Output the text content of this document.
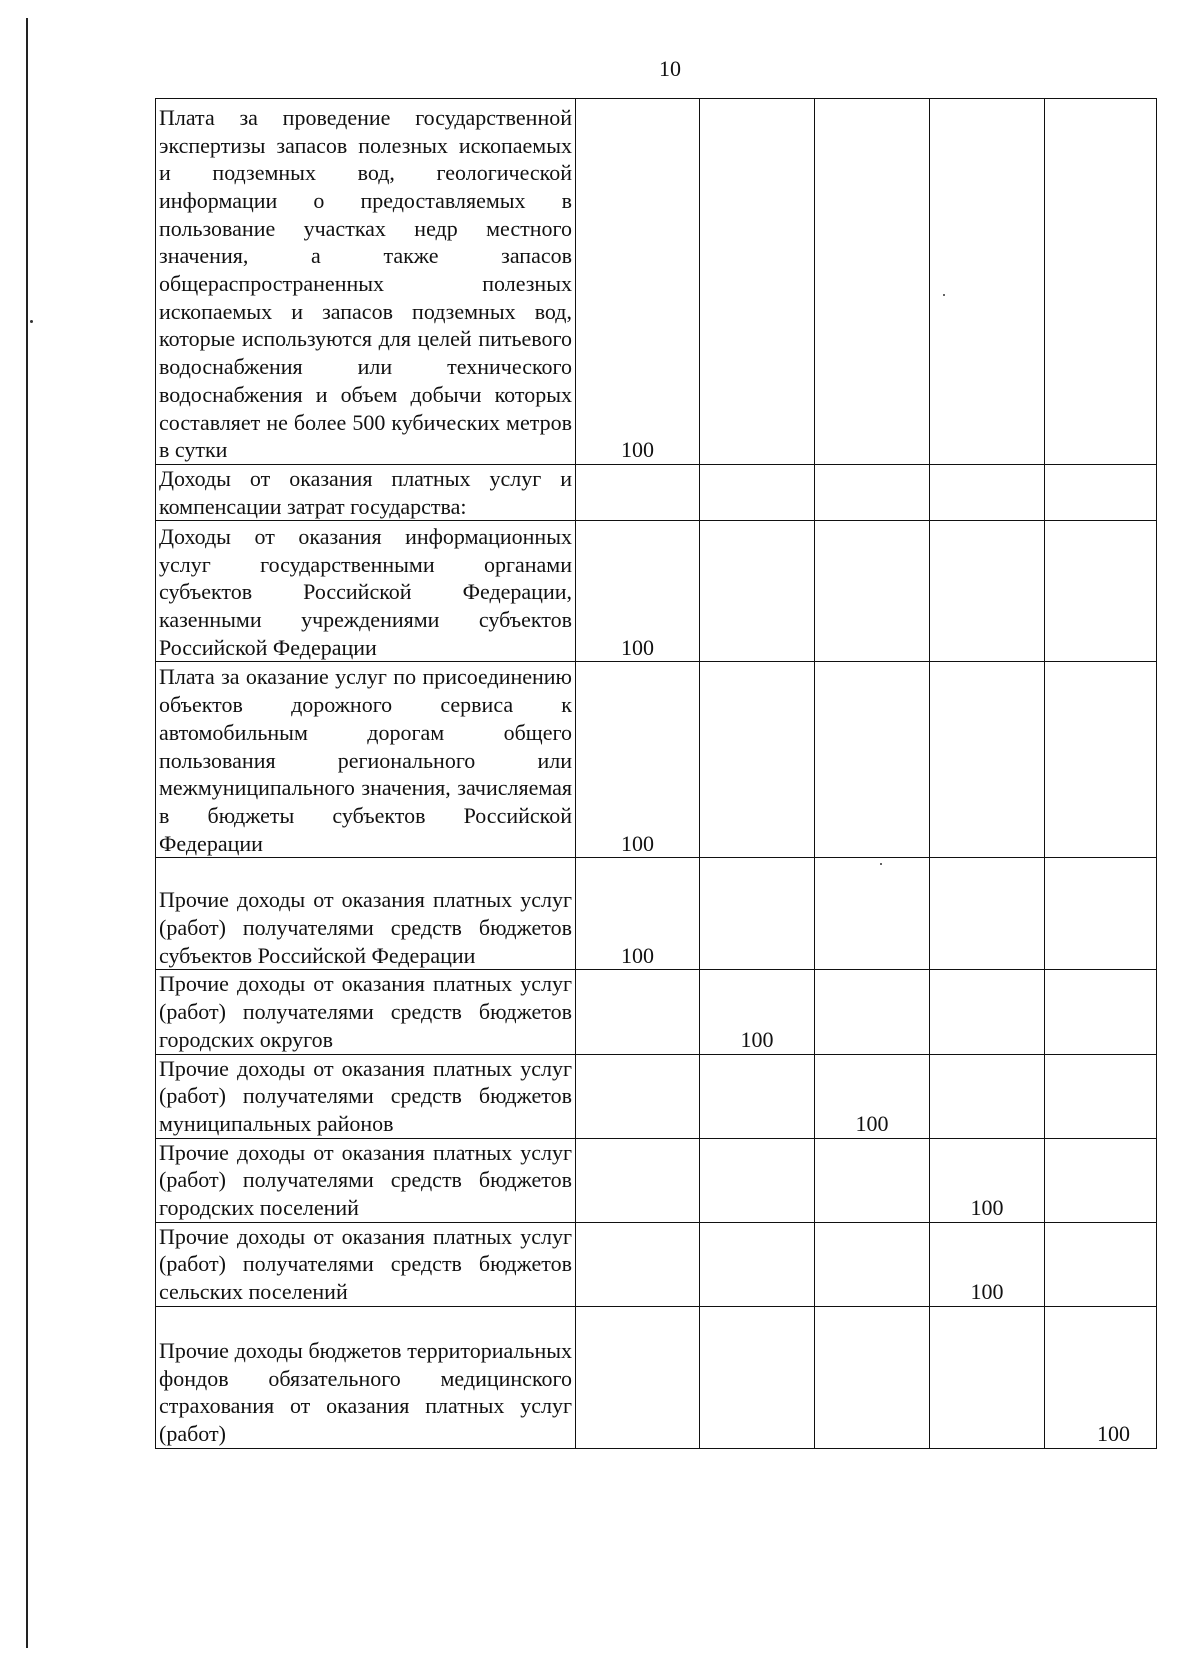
10
Плата за проведение государственной экспертизы запасов полезных ископаемых и подземных вод, геологической информации о предоставляемых в пользование участках недр местного значения, а также запасов общераспространенных полезных ископаемых и запасов подземных вод, которые используются для целей питьевого водоснабжения или технического водоснабжения и объем добычи которых составляет не более 500 кубических метров в сутки	100				
Доходы от оказания платных услуг и компенсации затрат государства:					
Доходы от оказания информационных услуг государственными органами субъектов Российской Федерации, казенными учреждениями субъектов Российской Федерации	100				
Плата за оказание услуг по присоединению объектов дорожного сервиса к автомобильным дорогам общего пользования регионального или межмуниципального значения, зачисляемая в бюджеты субъектов Российской Федерации	100				
Прочие доходы от оказания платных услуг (работ) получателями средств бюджетов субъектов Российской Федерации	100				
Прочие доходы от оказания платных услуг (работ) получателями средств бюджетов городских округов		100			
Прочие доходы от оказания платных услуг (работ) получателями средств бюджетов муниципальных районов			100		
Прочие доходы от оказания платных услуг (работ) получателями средств бюджетов городских поселений				100	
Прочие доходы от оказания платных услуг (работ) получателями средств бюджетов сельских поселений				100	
Прочие доходы бюджетов территориальных фондов обязательного медицинского страхования от оказания платных услуг (работ)					100
